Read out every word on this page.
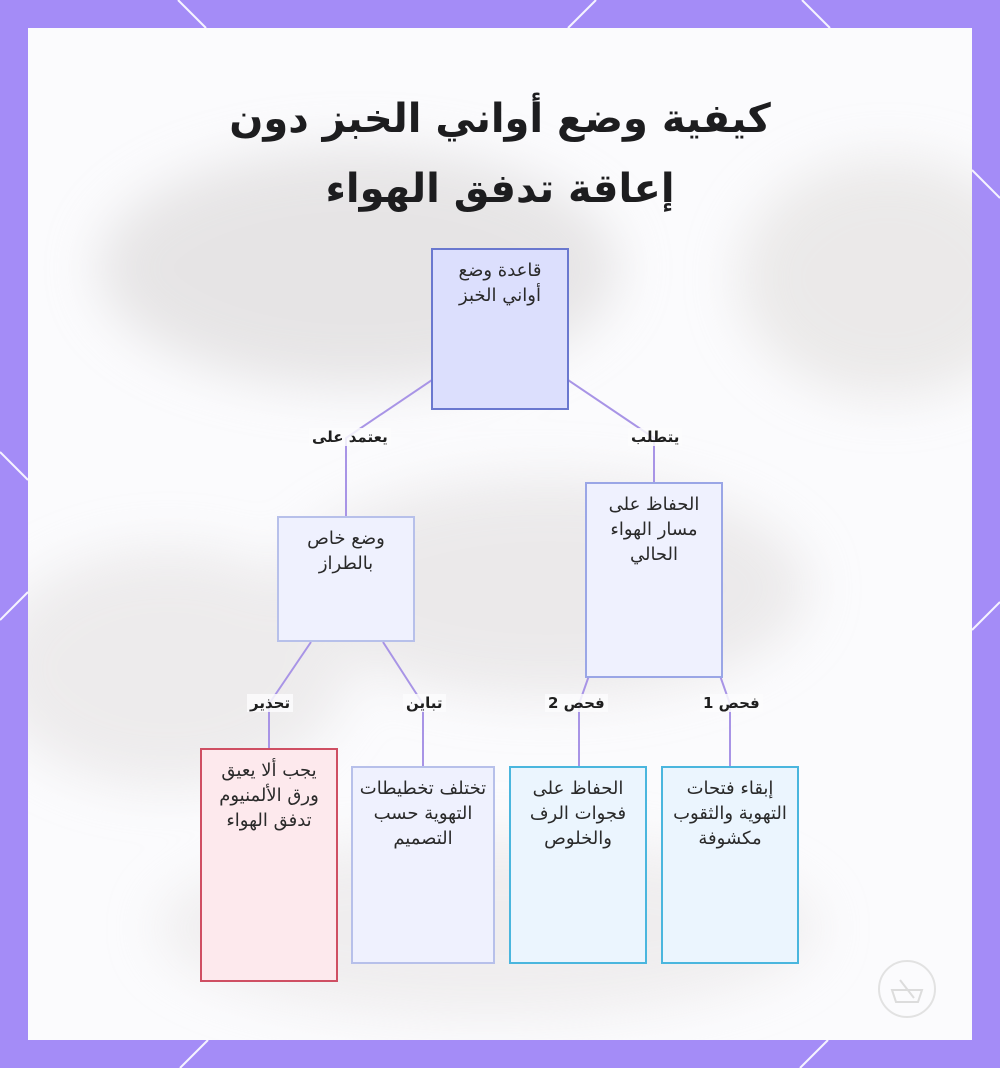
كيفية وضع أواني الخبز دون
إعاقة تدفق الهواء
قاعدة وضع أواني الخبز
الحفاظ على مسار الهواء الحالي
وضع خاص بالطراز
إبقاء فتحات التهوية والثقوب مكشوفة
الحفاظ على فجوات الرف والخلوص
تختلف تخطيطات التهوية حسب التصميم
يجب ألا يعيق ورق الألمنيوم تدفق الهواء
يتطلب
يعتمد على
فحص 1
فحص 2
تباين
تحذير
